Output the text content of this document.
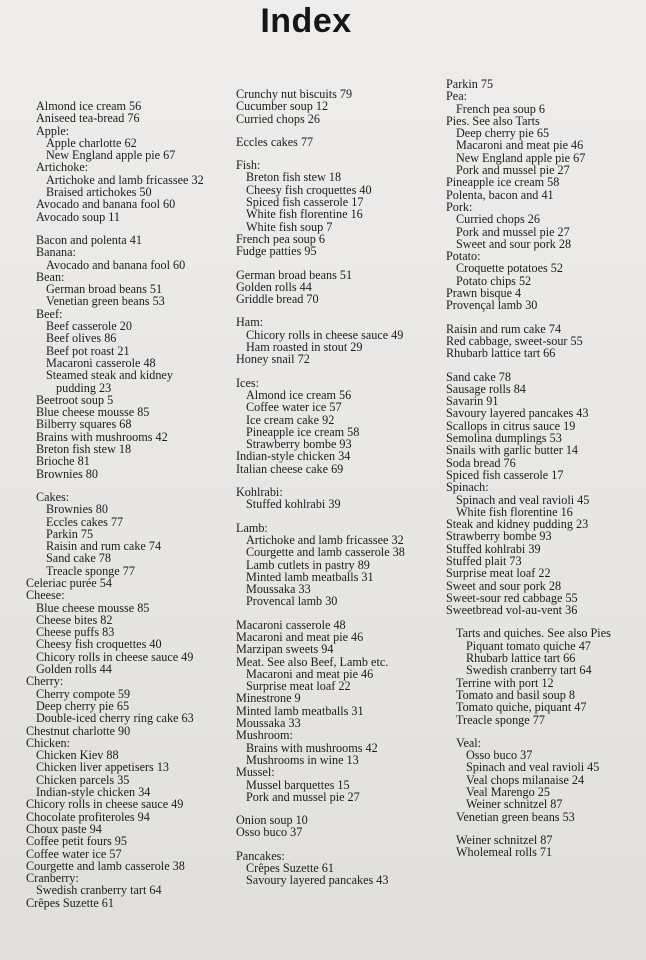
Index
Almond ice cream 56
Aniseed tea-bread 76
Apple:
Apple charlotte 62
New England apple pie 67
Artichoke:
Artichoke and lamb fricassee 32
Braised artichokes 50
Avocado and banana fool 60
Avocado soup 11
Bacon and polenta 41
Banana:
Avocado and banana fool 60
Bean:
German broad beans 51
Venetian green beans 53
Beef:
Beef casserole 20
Beef olives 86
Beef pot roast 21
Macaroni casserole 48
Steamed steak and kidney
pudding 23
Beetroot soup 5
Blue cheese mousse 85
Bilberry squares 68
Brains with mushrooms 42
Breton fish stew 18
Brioche 81
Brownies 80
Cakes:
Brownies 80
Eccles cakes 77
Parkin 75
Raisin and rum cake 74
Sand cake 78
Treacle sponge 77
Celeriac purée 54
Cheese:
Blue cheese mousse 85
Cheese bites 82
Cheese puffs 83
Cheesy fish croquettes 40
Chicory rolls in cheese sauce 49
Golden rolls 44
Cherry:
Cherry compote 59
Deep cherry pie 65
Double-iced cherry ring cake 63
Chestnut charlotte 90
Chicken:
Chicken Kiev 88
Chicken liver appetisers 13
Chicken parcels 35
Indian-style chicken 34
Chicory rolls in cheese sauce 49
Chocolate profiteroles 94
Choux paste 94
Coffee petit fours 95
Coffee water ice 57
Courgette and lamb casserole 38
Cranberry:
Swedish cranberry tart 64
Crêpes Suzette 61
Crunchy nut biscuits 79
Cucumber soup 12
Curried chops 26
Eccles cakes 77
Fish:
Breton fish stew 18
Cheesy fish croquettes 40
Spiced fish casserole 17
White fish florentine 16
White fish soup 7
French pea soup 6
Fudge patties 95
German broad beans 51
Golden rolls 44
Griddle bread 70
Ham:
Chicory rolls in cheese sauce 49
Ham roasted in stout 29
Honey snail 72
Ices:
Almond ice cream 56
Coffee water ice 57
Ice cream cake 92
Pineapple ice cream 58
Strawberry bombe 93
Indian-style chicken 34
Italian cheese cake 69
Kohlrabi:
Stuffed kohlrabi 39
Lamb:
Artichoke and lamb fricassee 32
Courgette and lamb casserole 38
Lamb cutlets in pastry 89
Minted lamb meatballs 31
Moussaka 33
Provencal lamb 30
Macaroni casserole 48
Macaroni and meat pie 46
Marzipan sweets 94
Meat. See also Beef, Lamb etc.
Macaroni and meat pie 46
Surprise meat loaf 22
Minestrone 9
Minted lamb meatballs 31
Moussaka 33
Mushroom:
Brains with mushrooms 42
Mushrooms in wine 13
Mussel:
Mussel barquettes 15
Pork and mussel pie 27
Onion soup 10
Osso buco 37
Pancakes:
Crêpes Suzette 61
Savoury layered pancakes 43
Parkin 75
Pea:
French pea soup 6
Pies. See also Tarts
Deep cherry pie 65
Macaroni and meat pie 46
New England apple pie 67
Pork and mussel pie 27
Pineapple ice cream 58
Polenta, bacon and 41
Pork:
Curried chops 26
Pork and mussel pie 27
Sweet and sour pork 28
Potato:
Croquette potatoes 52
Potato chips 52
Prawn bisque 4
Provençal lamb 30
Raisin and rum cake 74
Red cabbage, sweet-sour 55
Rhubarb lattice tart 66
Sand cake 78
Sausage rolls 84
Savarin 91
Savoury layered pancakes 43
Scallops in citrus sauce 19
Semolina dumplings 53
Snails with garlic butter 14
Soda bread 76
Spiced fish casserole 17
Spinach:
Spinach and veal ravioli 45
White fish florentine 16
Steak and kidney pudding 23
Strawberry bombe 93
Stuffed kohlrabi 39
Stuffed plait 73
Surprise meat loaf 22
Sweet and sour pork 28
Sweet-sour red cabbage 55
Sweetbread vol-au-vent 36
Tarts and quiches. See also Pies
Piquant tomato quiche 47
Rhubarb lattice tart 66
Swedish cranberry tart 64
Terrine with port 12
Tomato and basil soup 8
Tomato quiche, piquant 47
Treacle sponge 77
Veal:
Osso buco 37
Spinach and veal ravioli 45
Veal chops milanaise 24
Veal Marengo 25
Weiner schnitzel 87
Venetian green beans 53
Weiner schnitzel 87
Wholemeal rolls 71
